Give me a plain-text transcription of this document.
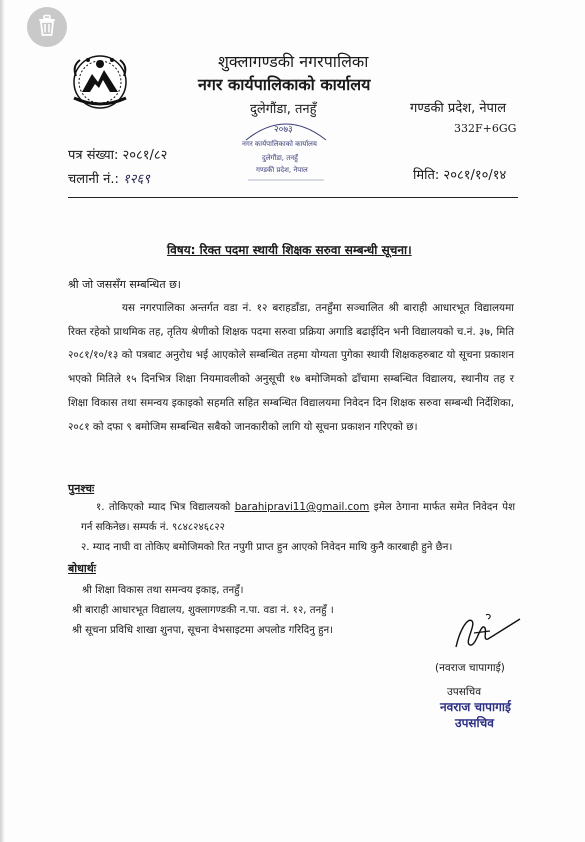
शुक्लागण्डकी नगरपालिका
नगर कार्यपालिकाको कार्यालय
दुलेगौंडा, तनहुँ	गण्डकी प्रदेश, नेपाल
332F+6GG
पत्र संख्या: २०८१/८२
चलानी नं.: १२६९	मिति: २०८१/१०/१४
२०७३
नगर कार्यपालिकाको कार्यालय
दुलेगौंडा, तनहुँ
गण्डकी प्रदेश, नेपाल
विषय: रिक्त पदमा स्थायी शिक्षक सरुवा सम्बन्धी सूचना।
श्री जो जससँग सम्बन्धित छ।

यस नगरपालिका अन्तर्गत वडा नं. १२ बराहडाँडा, तनहुँमा सञ्चालित श्री बाराही आधारभूत विद्यालयमा रिक्त रहेको प्राथमिक तह, तृतिय श्रेणीको शिक्षक पदमा सरुवा प्रक्रिया अगाडि बढाईदिन भनी विद्यालयको च.नं. ३७, मिति २०८१/१०/१३ को पत्रबाट अनुरोध भई आएकोले सम्बन्धित तहमा योग्यता पुगेका स्थायी शिक्षकहरुबाट यो सूचना प्रकाशन भएको मितिले १५ दिनभित्र शिक्षा नियमावलीको अनुसूची १७ बमोजिमको ढाँचामा सम्बन्धित विद्यालय, स्थानीय तह र शिक्षा विकास तथा समन्वय इकाइको सहमति सहित सम्बन्धित विद्यालयमा निवेदन दिन शिक्षक सरुवा सम्बन्धी निर्देशिका, २०८१ को दफा ९ बमोजिम सम्बन्धित सबैको जानकारीको लागि यो सूचना प्रकाशन गरिएको छ।

पुनश्चः
१. तोकिएको म्याद भित्र विद्यालयको barahipravi11@gmail.com इमेल ठेगाना मार्फत समेत निवेदन पेश गर्न सकिनेछ। सम्पर्क नं. ९८४८२४६८२२
२. म्याद नाघी वा तोकिए बमोजिमको रित नपुगी प्राप्त हुन आएको निवेदन माथि कुनै कारबाही हुने छैन।
बोधार्थः
श्री शिक्षा विकास तथा समन्वय इकाइ, तनहुँ।
श्री बाराही आधारभूत विद्यालय, शुक्लागण्डकी न.पा. वडा नं. १२, तनहुँ ।
श्री सूचना प्रविधि शाखा शुनपा, सूचना वेभसाइटमा अपलोड गरिदिनु हुन।
(नवराज चापागाई)
उपसचिव
नवराज चापागाई
उपसचिव
